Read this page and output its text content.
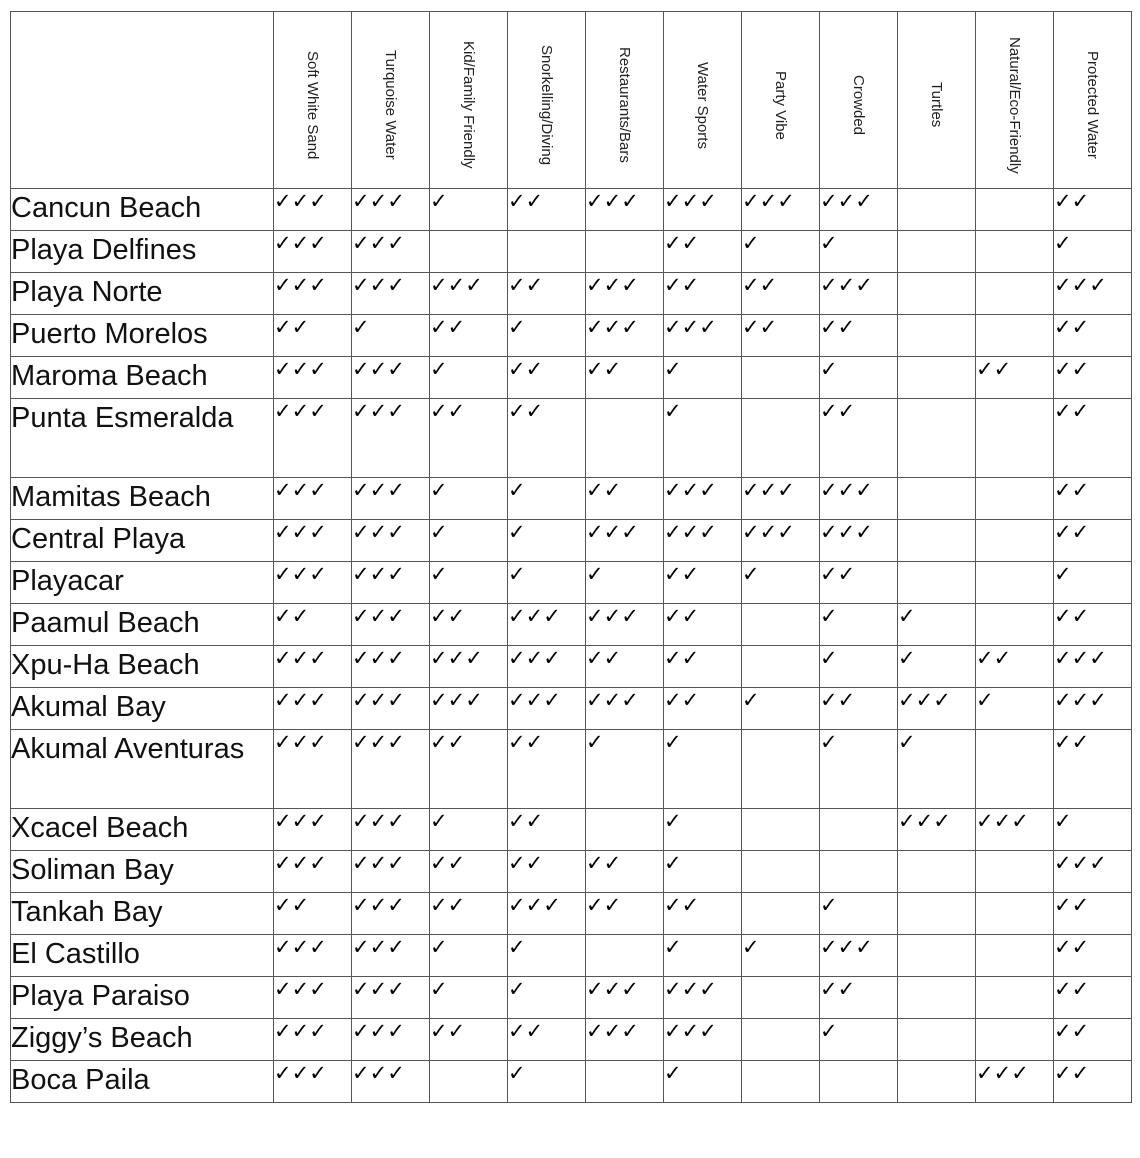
	Soft White Sand	Turquoise Water	Kid/Family Friendly	Snorkelling/Diving	Restaurants/Bars	Water Sports	Party Vibe	Crowded	Turtles	Natural/Eco-Friendly	Protected Water

Cancun Beach	✓✓✓	✓✓✓	✓	✓✓	✓✓✓	✓✓✓	✓✓✓	✓✓✓			✓✓
Playa Delfines	✓✓✓	✓✓✓				✓✓	✓	✓			✓
Playa Norte	✓✓✓	✓✓✓	✓✓✓	✓✓	✓✓✓	✓✓	✓✓	✓✓✓			✓✓✓
Puerto Morelos	✓✓	✓	✓✓	✓	✓✓✓	✓✓✓	✓✓	✓✓			✓✓
Maroma Beach	✓✓✓	✓✓✓	✓	✓✓	✓✓	✓		✓		✓✓	✓✓
Punta Esmeralda	✓✓✓	✓✓✓	✓✓	✓✓		✓		✓✓			✓✓
Mamitas Beach	✓✓✓	✓✓✓	✓	✓	✓✓	✓✓✓	✓✓✓	✓✓✓			✓✓
Central Playa	✓✓✓	✓✓✓	✓	✓	✓✓✓	✓✓✓	✓✓✓	✓✓✓			✓✓
Playacar	✓✓✓	✓✓✓	✓	✓	✓	✓✓	✓	✓✓			✓
Paamul Beach	✓✓	✓✓✓	✓✓	✓✓✓	✓✓✓	✓✓		✓	✓		✓✓
Xpu-Ha Beach	✓✓✓	✓✓✓	✓✓✓	✓✓✓	✓✓	✓✓		✓	✓	✓✓	✓✓✓
Akumal Bay	✓✓✓	✓✓✓	✓✓✓	✓✓✓	✓✓✓	✓✓	✓	✓✓	✓✓✓	✓	✓✓✓
Akumal Aventuras	✓✓✓	✓✓✓	✓✓	✓✓	✓	✓		✓	✓		✓✓
Xcacel Beach	✓✓✓	✓✓✓	✓	✓✓		✓			✓✓✓	✓✓✓	✓
Soliman Bay	✓✓✓	✓✓✓	✓✓	✓✓	✓✓	✓					✓✓✓
Tankah Bay	✓✓	✓✓✓	✓✓	✓✓✓	✓✓	✓✓		✓			✓✓
El Castillo	✓✓✓	✓✓✓	✓	✓		✓	✓	✓✓✓			✓✓
Playa Paraiso	✓✓✓	✓✓✓	✓	✓	✓✓✓	✓✓✓		✓✓			✓✓
Ziggy’s Beach	✓✓✓	✓✓✓	✓✓	✓✓	✓✓✓	✓✓✓		✓			✓✓
Boca Paila	✓✓✓	✓✓✓		✓		✓				✓✓✓	✓✓
